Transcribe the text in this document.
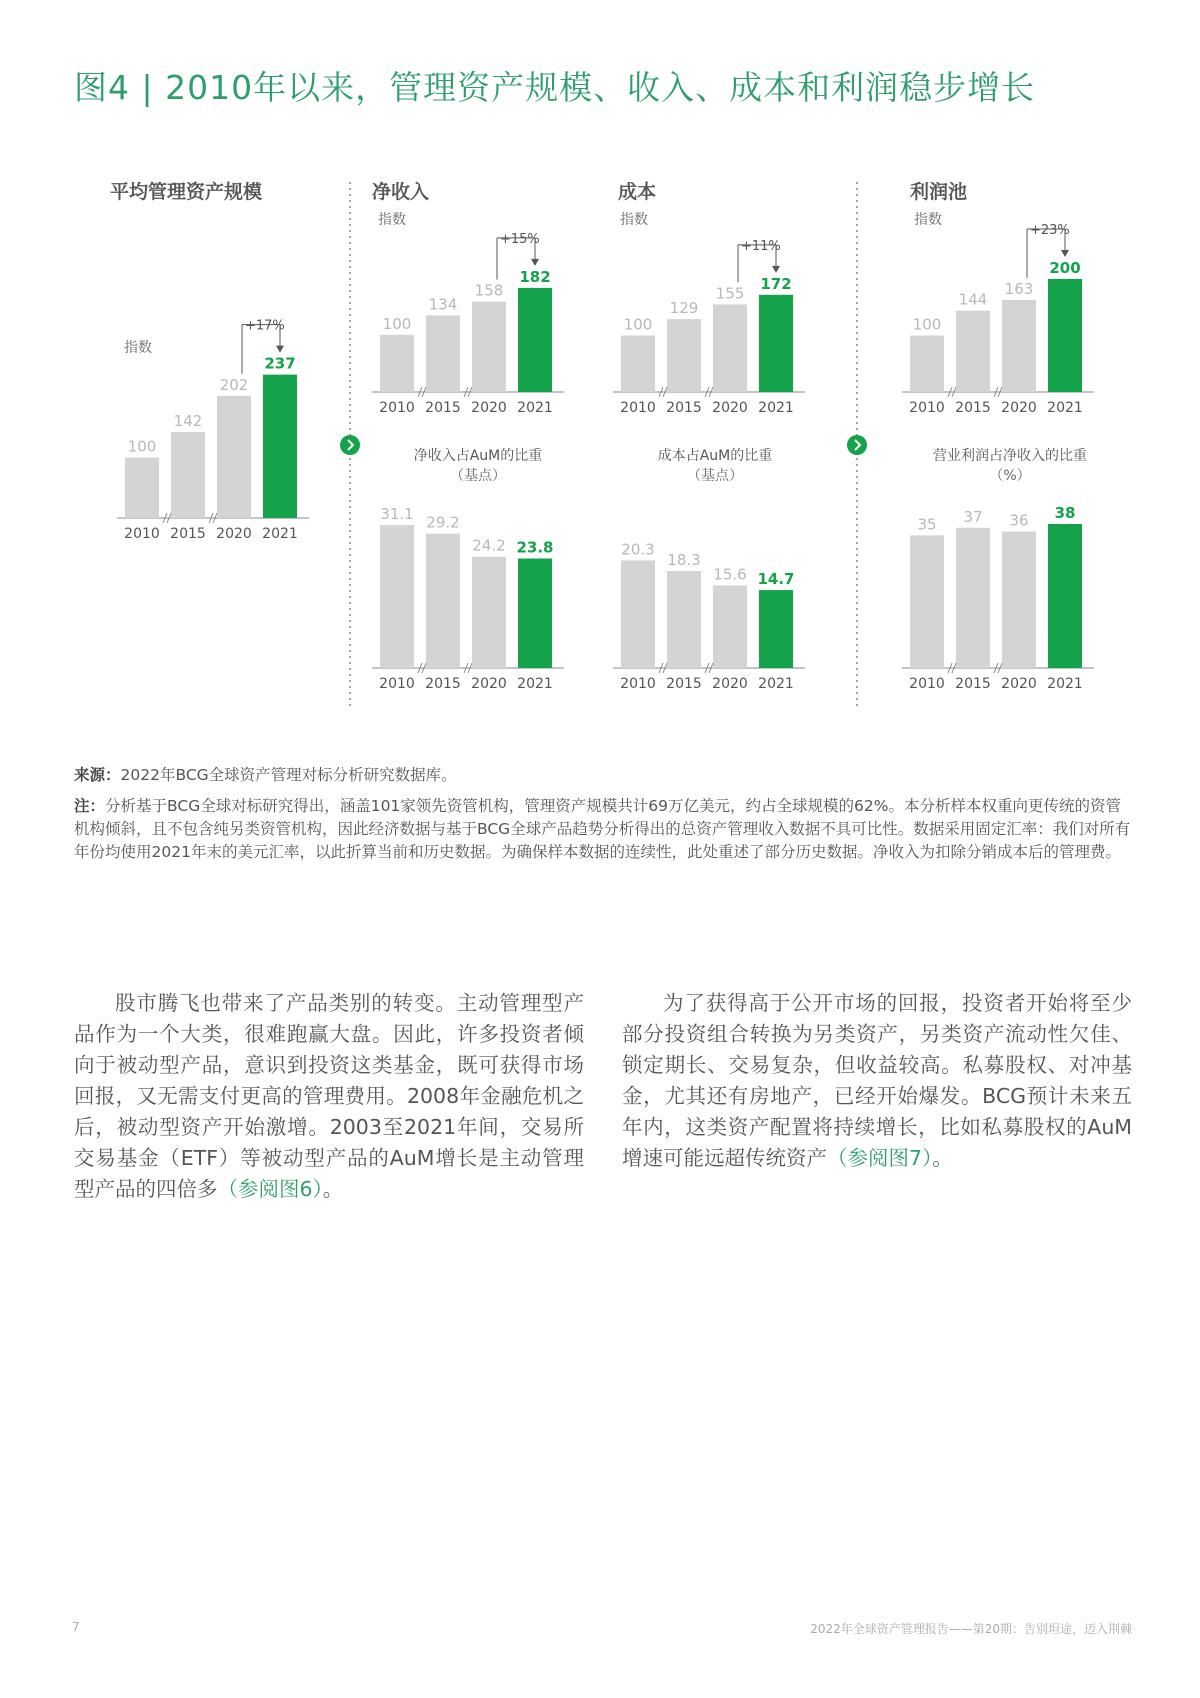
图4 | 2010年以来，管理资产规模、收入、成本和利润稳步增长
平均管理资产规模
指数
100
2010
142
2015
202
2020
237
2021
+17%
净收入
指数
100
2010
134
2015
158
2020
182
2021
+15%
成本
指数
100
2010
129
2015
155
2020
172
2021
+11%
利润池
指数
100
2010
144
2015
163
2020
200
2021
+23%
净收入占AuM的比重
（基点）
31.1
2010
29.2
2015
24.2
2020
23.8
2021
成本占AuM的比重
（基点）
20.3
2010
18.3
2015
15.6
2020
14.7
2021
营业利润占净收入的比重
（%）
35
2010
37
2015
36
2020
38
2021
来源：2022年BCG全球资产管理对标分析研究数据库。
注：分析基于BCG全球对标研究得出，涵盖101家领先资管机构，管理资产规模共计69万亿美元，约占全球规模的62%。本分析样本权重向更传统的资管机构倾斜，且不包含纯另类资管机构，因此经济数据与基于BCG全球产品趋势分析得出的总资产管理收入数据不具可比性。数据采用固定汇率：我们对所有年份均使用2021年末的美元汇率，以此折算当前和历史数据。为确保样本数据的连续性，此处重述了部分历史数据。净收入为扣除分销成本后的管理费。

股市腾飞也带来了产品类别的转变。主动管理型产品作为一个大类，很难跑赢大盘。因此，许多投资者倾向于被动型产品，意识到投资这类基金，既可获得市场回报，又无需支付更高的管理费用。2008年金融危机之后，被动型资产开始激增。2003至2021年间，交易所交易基金（ETF）等被动型产品的AuM增长是主动管理型产品的四倍多（参阅图6）。

为了获得高于公开市场的回报，投资者开始将至少部分投资组合转换为另类资产，另类资产流动性欠佳、锁定期长、交易复杂，但收益较高。私募股权、对冲基金，尤其还有房地产，已经开始爆发。BCG预计未来五年内，这类资产配置将持续增长，比如私募股权的AuM增速可能远超传统资产（参阅图7）。

7	2022年全球资产管理报告——第20期：告别坦途，迈入荆棘
